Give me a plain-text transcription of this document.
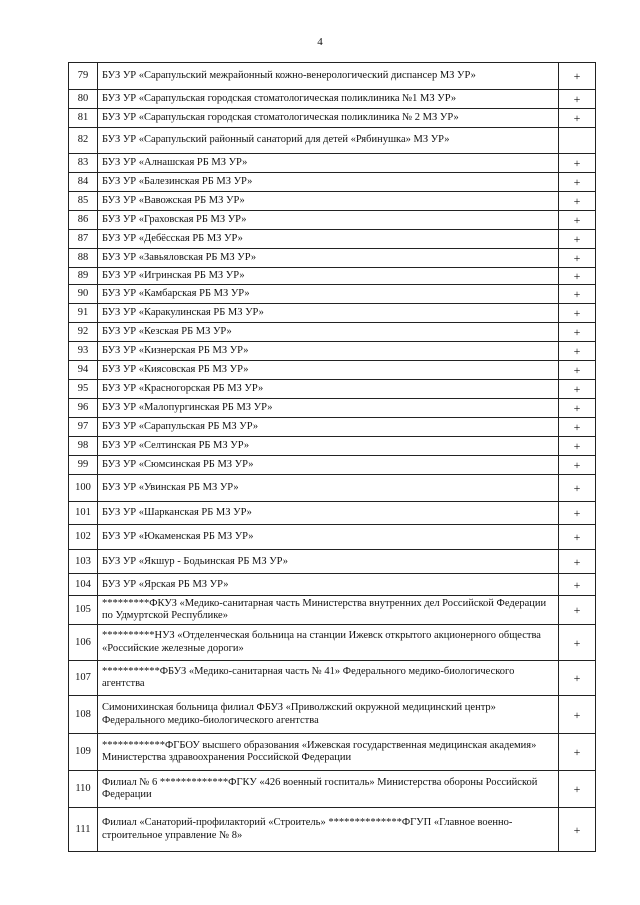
4
79	БУЗ УР «Сарапульский межрайонный кожно-венерологический диспансер МЗ УР»	+
80	БУЗ УР «Сарапульская городская стоматологическая поликлиника №1 МЗ УР»	+
81	БУЗ УР «Сарапульская городская стоматологическая поликлиника № 2 МЗ УР»	+
82	БУЗ УР «Сарапульский районный санаторий для детей «Рябинушка» МЗ УР»	
83	БУЗ УР «Алнашская РБ МЗ УР»	+
84	БУЗ УР «Балезинская РБ МЗ УР»	+
85	БУЗ УР «Вавожская РБ МЗ УР»	+
86	БУЗ УР «Граховская РБ МЗ УР»	+
87	БУЗ УР «Дебёсская РБ МЗ УР»	+
88	БУЗ УР «Завьяловская РБ МЗ УР»	+
89	БУЗ УР «Игринская РБ МЗ УР»	+
90	БУЗ УР «Камбарская РБ МЗ УР»	+
91	БУЗ УР «Каракулинская РБ МЗ УР»	+
92	БУЗ УР «Кезская РБ МЗ УР»	+
93	БУЗ УР «Кизнерская РБ МЗ УР»	+
94	БУЗ УР «Киясовская РБ МЗ УР»	+
95	БУЗ УР «Красногорская РБ МЗ УР»	+
96	БУЗ УР «Малопургинская РБ МЗ УР»	+
97	БУЗ УР «Сарапульская РБ МЗ УР»	+
98	БУЗ УР «Селтинская РБ МЗ УР»	+
99	БУЗ УР «Сюмсинская РБ МЗ УР»	+
100	БУЗ УР «Увинская РБ МЗ УР»	+
101	БУЗ УР «Шарканская РБ МЗ УР»	+
102	БУЗ УР «Юкаменская РБ МЗ УР»	+
103	БУЗ УР «Якшур - Бодьинская РБ МЗ УР»	+
104	БУЗ УР «Ярская РБ МЗ УР»	+
105	*********ФКУЗ «Медико-санитарная часть Министерства внутренних дел Российской Федерации по Удмуртской Республике»	+
106	**********НУЗ «Отделенческая больница на станции Ижевск открытого акционерного общества «Российские железные дороги»	+
107	***********ФБУЗ «Медико-санитарная часть № 41» Федерального медико-биологического агентства	+
108	Симонихинская больница филиал ФБУЗ «Приволжский окружной медицинский центр» Федерального медико-биологического агентства	+
109	************ФГБОУ высшего образования «Ижевская государственная медицинская академия» Министерства здравоохранения Российской Федерации	+
110	Филиал № 6 *************ФГКУ «426 военный госпиталь» Министерства обороны Российской Федерации	+
111	Филиал «Санаторий-профилакторий «Строитель» **************ФГУП «Главное военно-строительное управление № 8»	+
